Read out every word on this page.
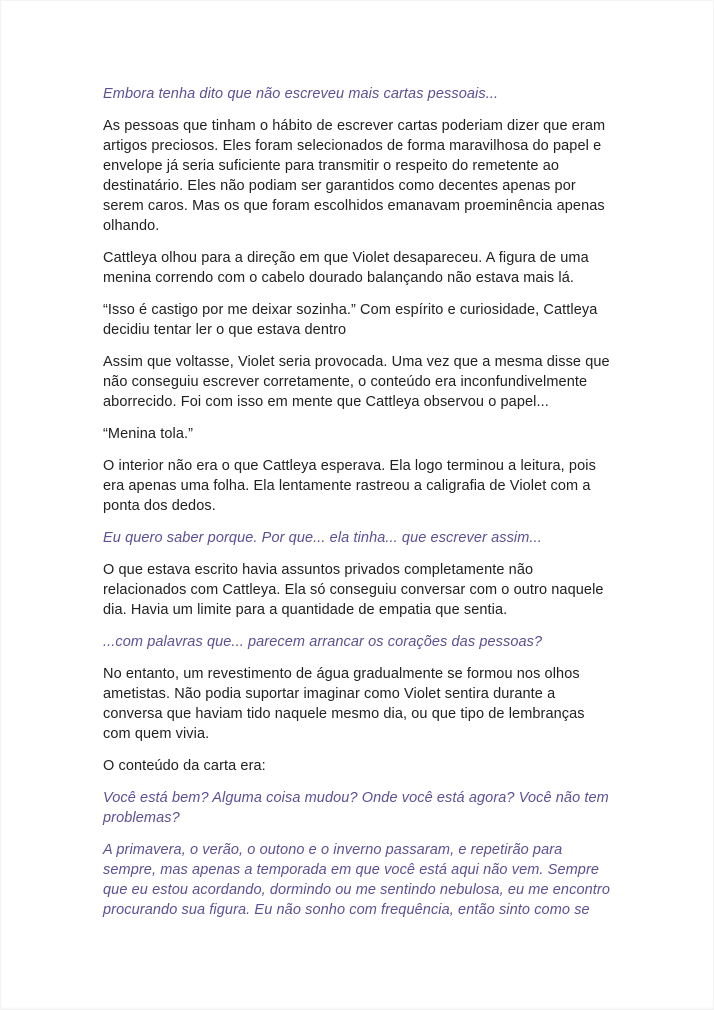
Embora tenha dito que não escreveu mais cartas pessoais...

As pessoas que tinham o hábito de escrever cartas poderiam dizer que eram artigos preciosos. Eles foram selecionados de forma maravilhosa do papel e envelope já seria suficiente para transmitir o respeito do remetente ao destinatário. Eles não podiam ser garantidos como decentes apenas por serem caros. Mas os que foram escolhidos emanavam proeminência apenas olhando.

Cattleya olhou para a direção em que Violet desapareceu. A figura de uma menina correndo com o cabelo dourado balançando não estava mais lá.

“Isso é castigo por me deixar sozinha.” Com espírito e curiosidade, Cattleya decidiu tentar ler o que estava dentro

Assim que voltasse, Violet seria provocada. Uma vez que a mesma disse que não conseguiu escrever corretamente, o conteúdo era inconfundivelmente aborrecido. Foi com isso em mente que Cattleya observou o papel...

“Menina tola.”

O interior não era o que Cattleya esperava. Ela logo terminou a leitura, pois era apenas uma folha. Ela lentamente rastreou a caligrafia de Violet com a ponta dos dedos.

Eu quero saber porque. Por que... ela tinha... que escrever assim...

O que estava escrito havia assuntos privados completamente não relacionados com Cattleya. Ela só conseguiu conversar com o outro naquele dia. Havia um limite para a quantidade de empatia que sentia.

...com palavras que... parecem arrancar os corações das pessoas?

No entanto, um revestimento de água gradualmente se formou nos olhos ametistas. Não podia suportar imaginar como Violet sentira durante a conversa que haviam tido naquele mesmo dia, ou que tipo de lembranças com quem vivia.

O conteúdo da carta era:

Você está bem? Alguma coisa mudou? Onde você está agora? Você não tem problemas?

A primavera, o verão, o outono e o inverno passaram, e repetirão para sempre, mas apenas a temporada em que você está aqui não vem. Sempre que eu estou acordando, dormindo ou me sentindo nebulosa, eu me encontro procurando sua figura. Eu não sonho com frequência, então sinto como se
